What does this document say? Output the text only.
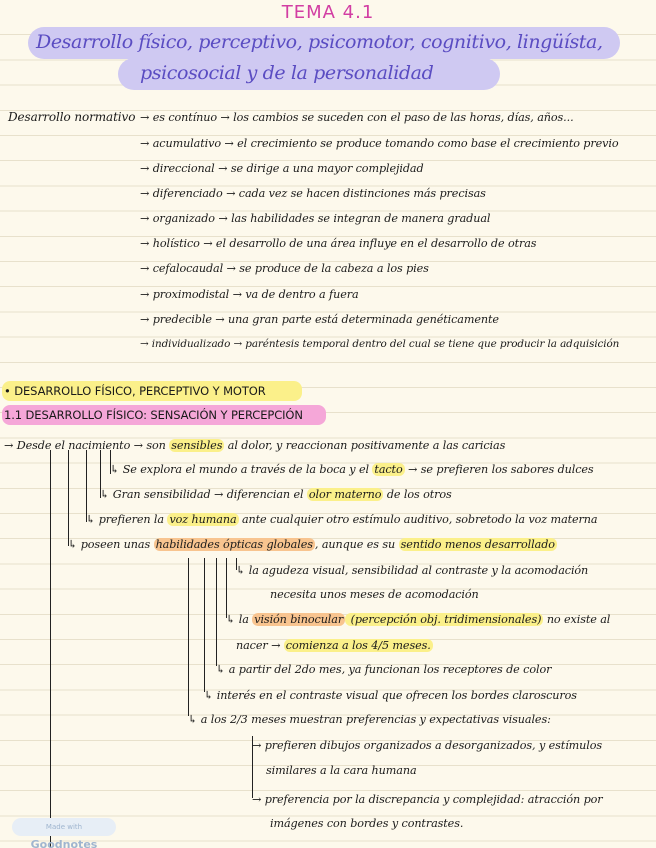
TEMA 4.1
Desarrollo físico, perceptivo, psicomotor, cognitivo, lingüísta,
psicosocial y de la personalidad
Desarrollo normativo → es contínuo → los cambios se suceden con el paso de las horas, días, años...
→ acumulativo → el crecimiento se produce tomando como base el crecimiento previo
→ direccional → se dirige a una mayor complejidad
→ diferenciado → cada vez se hacen distinciones más precisas
→ organizado → las habilidades se integran de manera gradual
→ holístico → el desarrollo de una área influye en el desarrollo de otras
→ cefalocaudal → se produce de la cabeza a los pies
→ proximodistal → va de dentro a fuera
→ predecible → una gran parte está determinada genéticamente
→ individualizado → paréntesis temporal dentro del cual se tiene que producir la adquisición
• DESARROLLO FÍSICO, PERCEPTIVO Y MOTOR
1.1 DESARROLLO FÍSICO: SENSACIÓN Y PERCEPCIÓN
→ Desde el nacimiento → son sensibles al dolor, y reaccionan positivamente a las caricias
↳ Se explora el mundo a través de la boca y el tacto → se prefieren los sabores dulces
↳ Gran sensibilidad → diferencian el olor materno de los otros
↳ prefieren la voz humana ante cualquier otro estímulo auditivo, sobretodo la voz materna
↳ poseen unas habilidades ópticas globales , aunque es su sentido menos desarrollado
↳ la agudeza visual, sensibilidad al contraste y la acomodación
necesita unos meses de acomodación
↳ la visión binocular (percepción obj. tridimensionales) no existe al
nacer → comienza a los 4/5 meses.
↳ a partir del 2do mes, ya funcionan los receptores de color
↳ interés en el contraste visual que ofrecen los bordes claroscuros
↳ a los 2/3 meses muestran preferencias y expectativas visuales:
→ prefieren dibujos organizados a desorganizados, y estímulos
similares a la cara humana
→ preferencia por la discrepancia y complejidad: atracción por
imágenes con bordes y contrastes.
Made with Goodnotes
